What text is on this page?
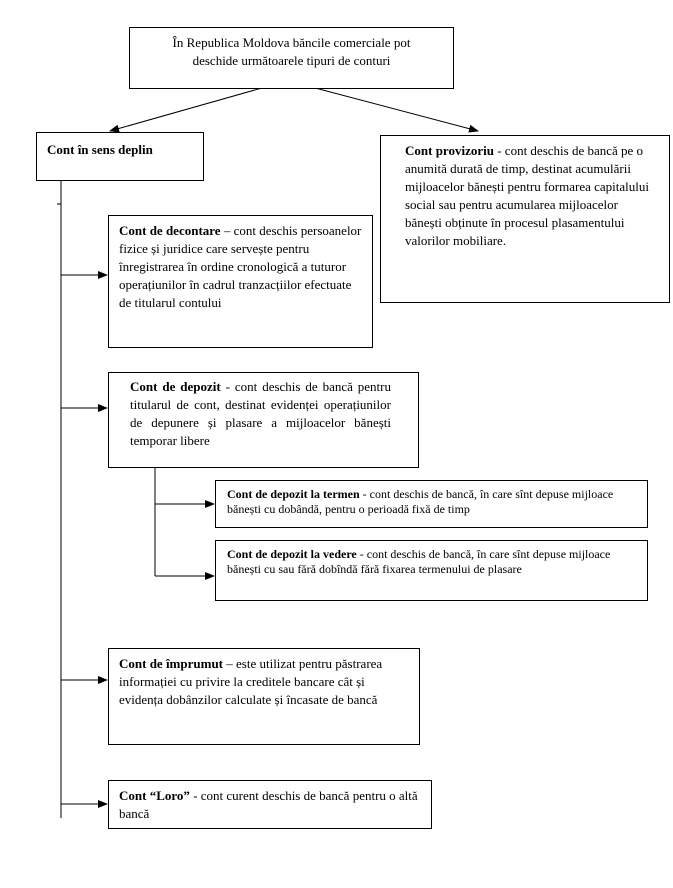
În Republica Moldova băncile comerciale pot
deschide următoarele tipuri de conturi
Cont în sens deplin	Cont provizoriu - cont deschis de bancă pe o anumită durată de timp, destinat acumulării mijloacelor bănești pentru formarea capitalului social sau pentru acumularea mijloacelor bănești obținute în procesul plasamentului valorilor mobiliare.
Cont de decontare – cont deschis persoanelor fizice și juridice care servește pentru înregistrarea în ordine cronologică a tuturor operațiunilor în cadrul tranzacțiilor efectuate de titularul contului
Cont de depozit - cont deschis de bancă pentru titularul de cont, destinat evidenței operațiunilor de depunere și plasare a mijloacelor bănești temporar libere
Cont de depozit la termen - cont deschis de bancă, în care sînt depuse mijloace bănești cu dobândă, pentru o perioadă fixă de timp
Cont de depozit la vedere - cont deschis de bancă, în care sînt depuse mijloace bănești cu sau fără dobîndă fără fixarea termenului de plasare
Cont de împrumut – este utilizat pentru păstrarea informației cu privire la creditele bancare cât și evidența dobânzilor calculate și încasate de bancă
Cont “Loro” - cont curent deschis de bancă pentru o altă bancă
